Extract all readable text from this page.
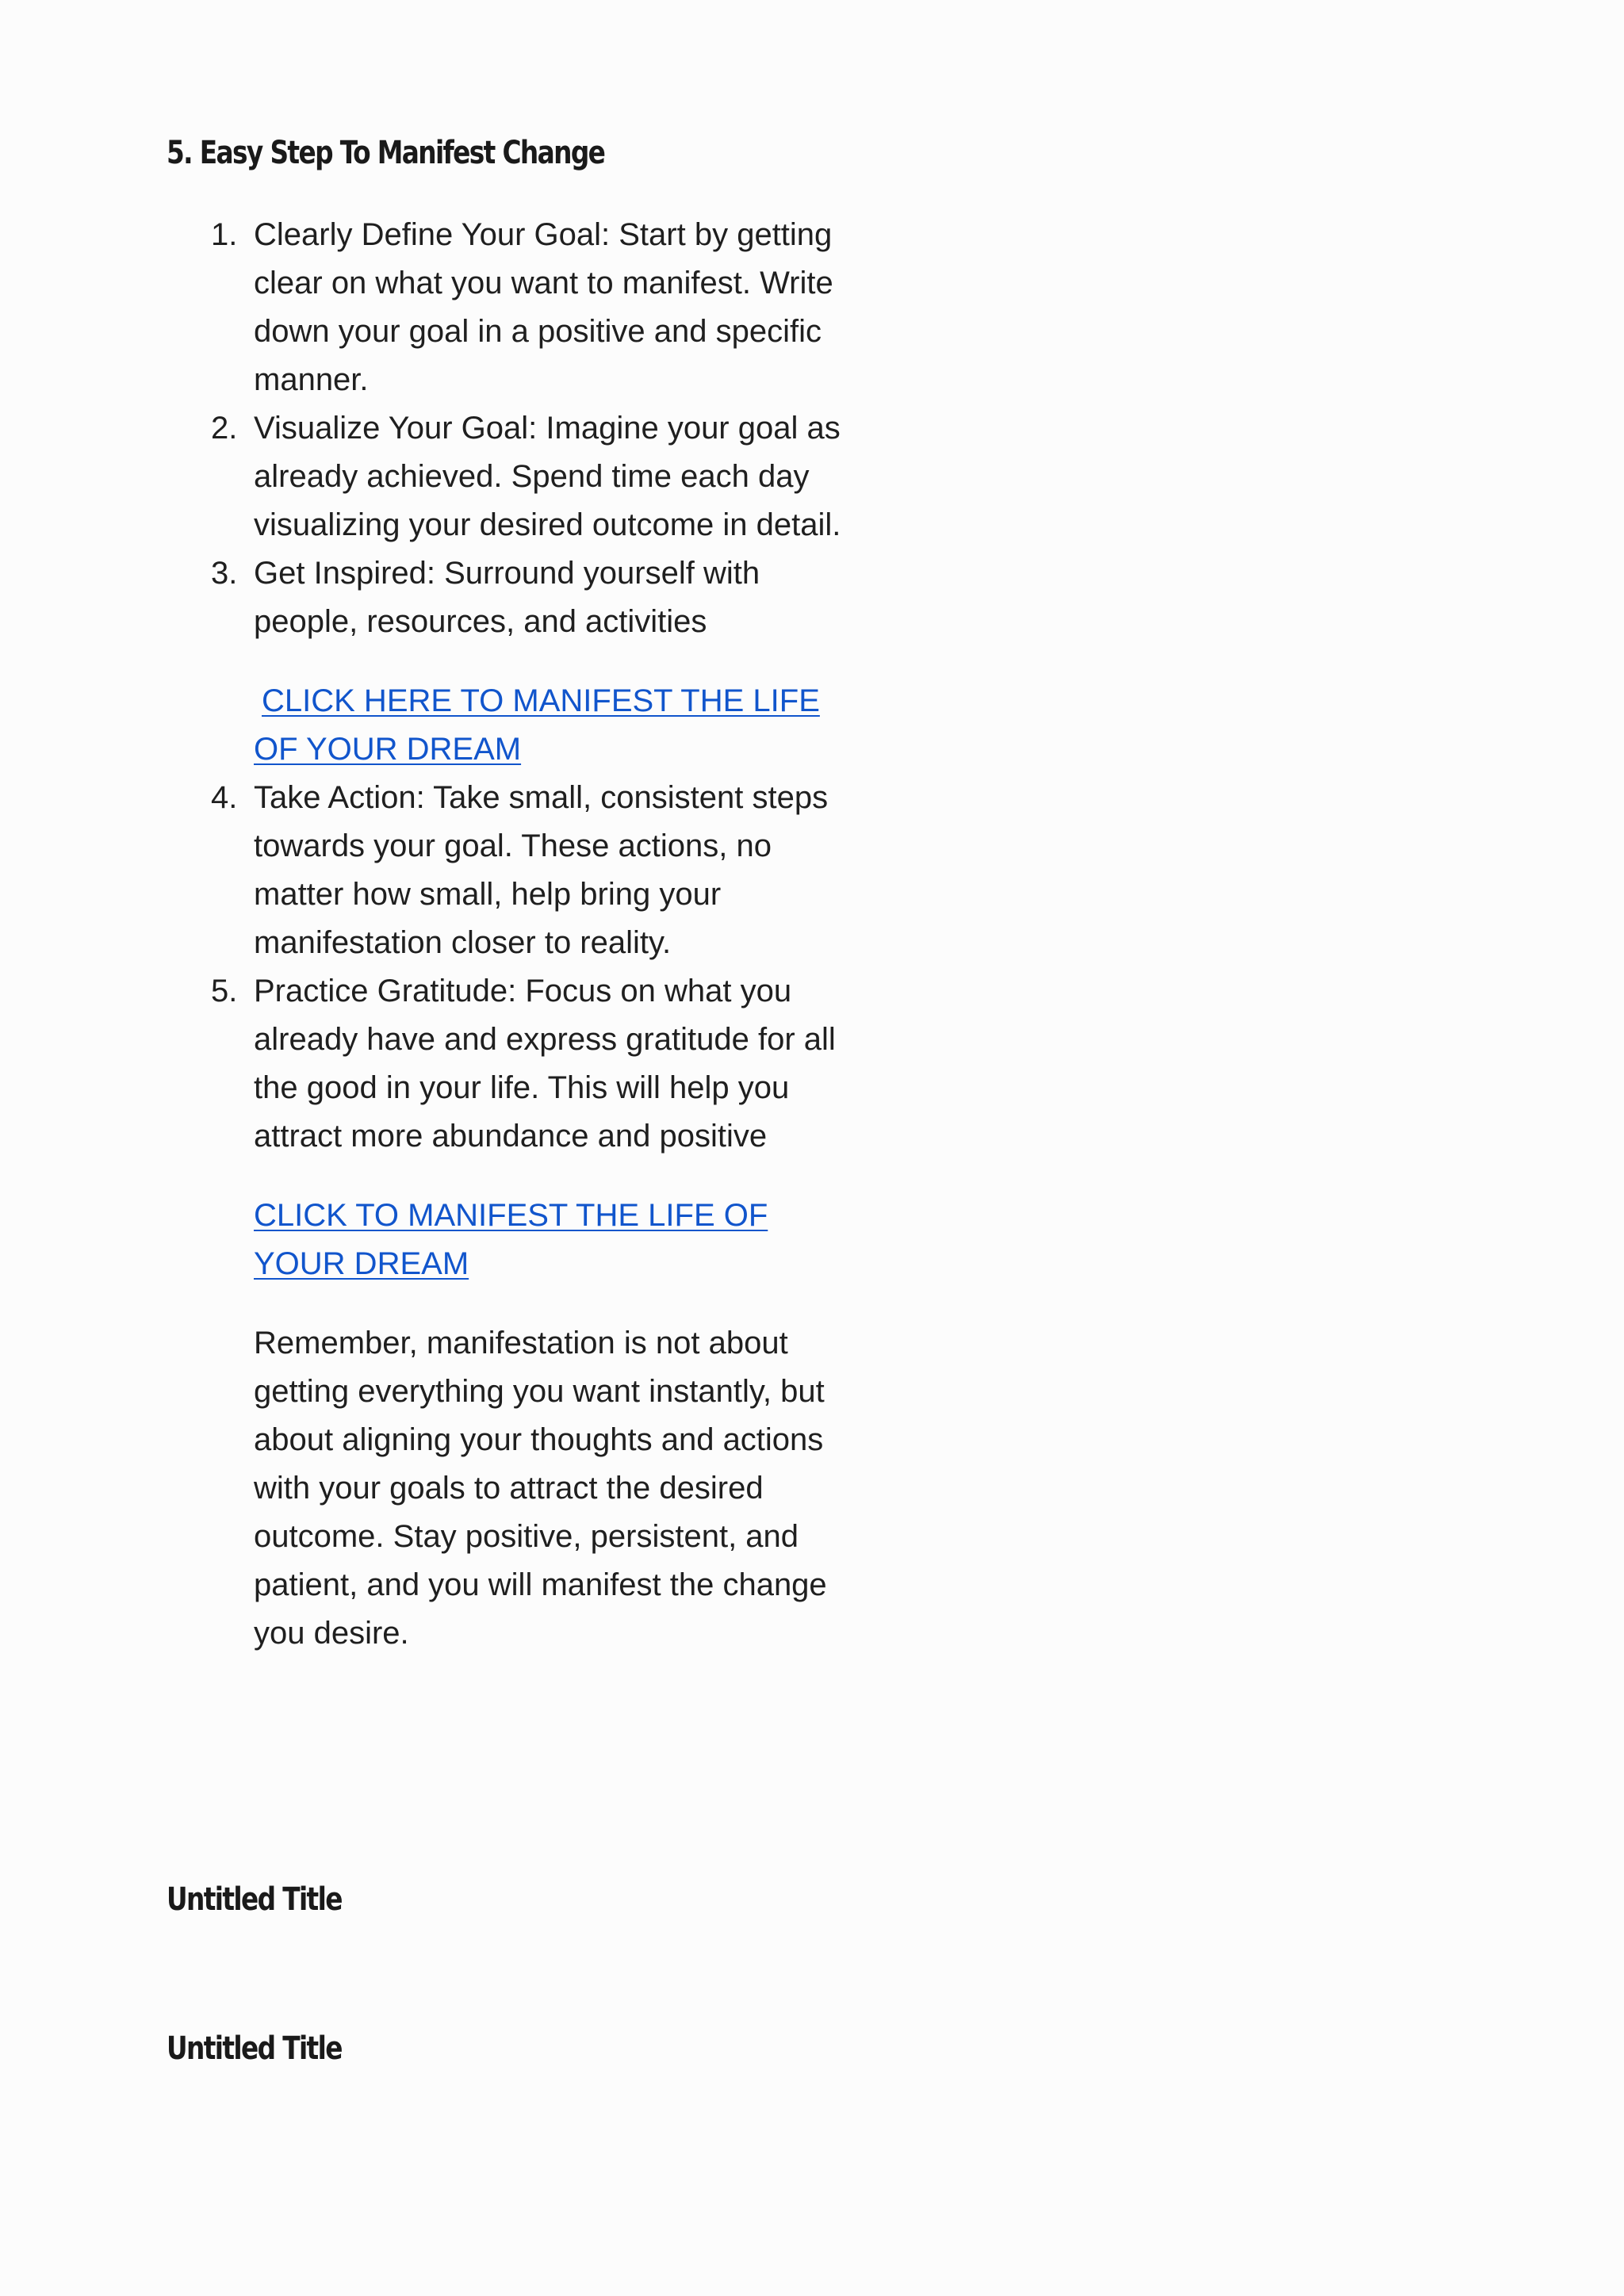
5. Easy Step To Manifest Change
1. Clearly Define Your Goal: Start by getting clear on what you want to manifest. Write down your goal in a positive and specific manner.
2. Visualize Your Goal: Imagine your goal as already achieved. Spend time each day visualizing your desired outcome in detail.
3. Get Inspired: Surround yourself with people, resources, and activities
CLICK HERE TO MANIFEST THE LIFE OF YOUR DREAM
4. Take Action: Take small, consistent steps towards your goal. These actions, no matter how small, help bring your manifestation closer to reality.
5. Practice Gratitude: Focus on what you already have and express gratitude for all the good in your life. This will help you attract more abundance and positive
CLICK TO MANIFEST THE LIFE OF YOUR DREAM
Remember, manifestation is not about getting everything you want instantly, but about aligning your thoughts and actions with your goals to attract the desired outcome. Stay positive, persistent, and patient, and you will manifest the change you desire.
Untitled Title
Untitled Title
